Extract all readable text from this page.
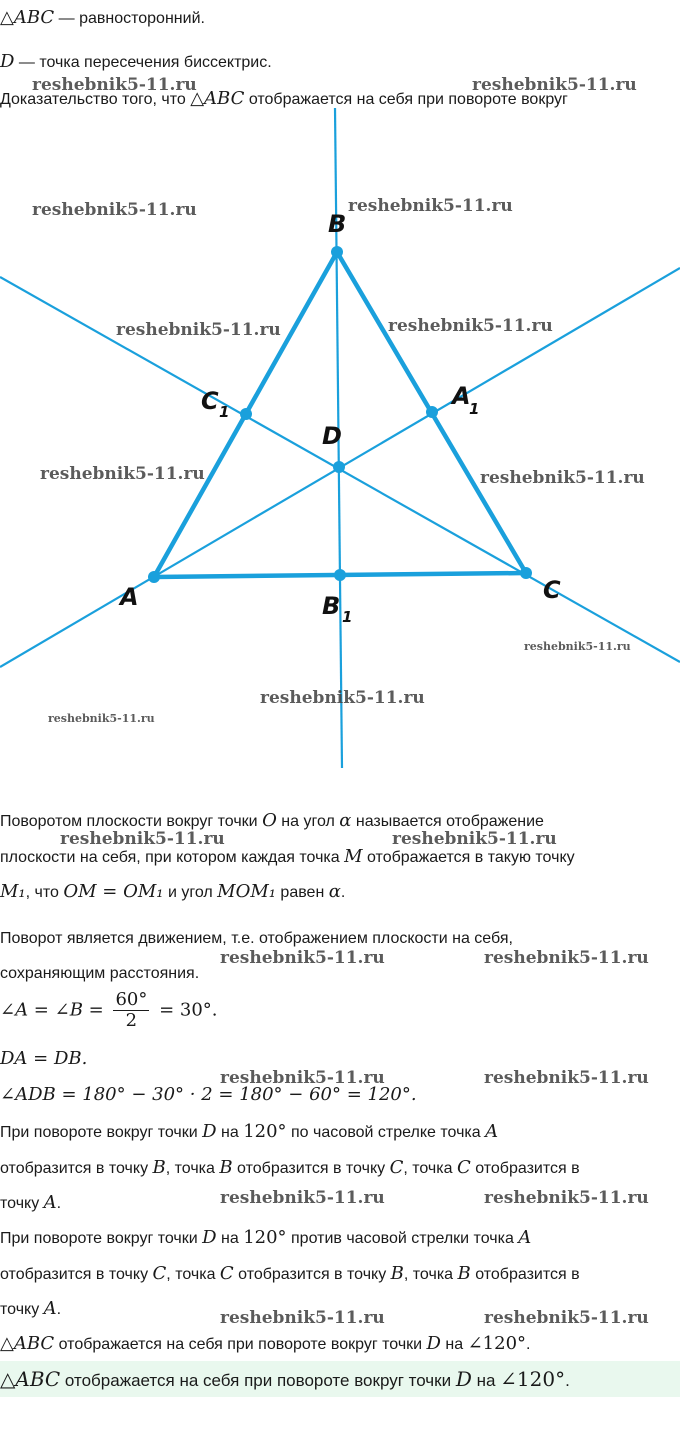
△ABC — равносторонний.
D — точка пересечения биссектрис.
Доказательство того, что △ABC отображается на себя при повороте вокруг
A
B
C
D
A
1
B 1
C 1
Поворотом плоскости вокруг точки O на угол α называется отображение
плоскости на себя, при котором каждая точка M отображается в такую точку
M₁, что OM = OM₁ и угол MOM₁ равен α.
Поворот является движением, т.е. отображением плоскости на себя,
сохраняющим расстояния.
∠A = ∠B = $\frac{60^\circ}{2} = 30^\circ$.
DA = DB.
∠ADB = 180° − 30° · 2 = 180° − 60° = 120°.
При повороте вокруг точки D на 120° по часовой стрелке точка A
отобразится в точку B, точка B отобразится в точку C, точка C отобразится в
точку A.
При повороте вокруг точки D на 120° против часовой стрелки точка A
отобразится в точку C, точка C отобразится в точку B, точка B отобразится в
точку A.
△ABC отображается на себя при повороте вокруг точки D на ∠120°.
△ABC отображается на себя при повороте вокруг точки D на ∠120°.
reshebnik5-11.ru	reshebnik5-11.ru
reshebnik5-11.ru	reshebnik5-11.ru
reshebnik5-11.ru	reshebnik5-11.ru
reshebnik5-11.ru	reshebnik5-11.ru
reshebnik5-11.ru
reshebnik5-11.ru
reshebnik5-11.ru
reshebnik5-11.ru	reshebnik5-11.ru
reshebnik5-11.ru	reshebnik5-11.ru
reshebnik5-11.ru	reshebnik5-11.ru
reshebnik5-11.ru	reshebnik5-11.ru
reshebnik5-11.ru	reshebnik5-11.ru
